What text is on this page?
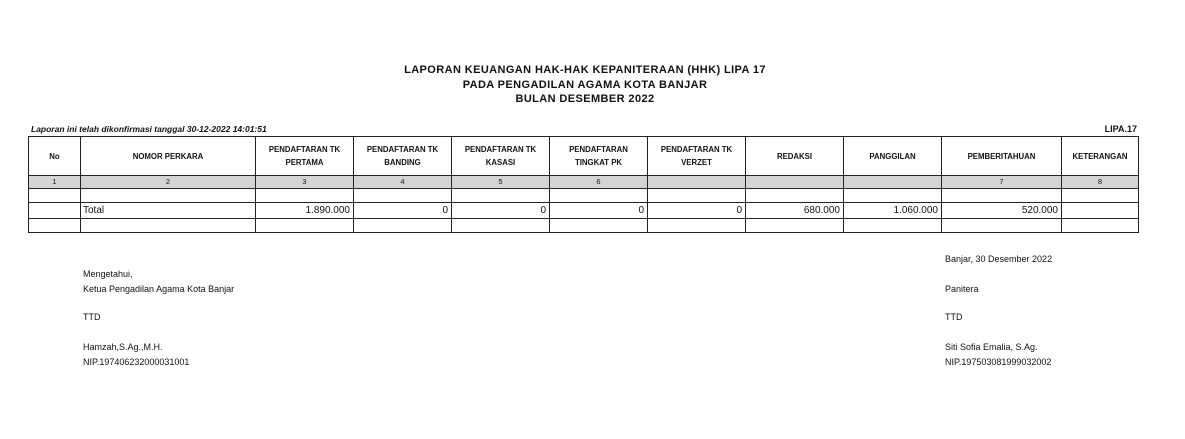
LAPORAN KEUANGAN HAK-HAK KEPANITERAAN (HHK) LIPA 17
PADA PENGADILAN AGAMA KOTA BANJAR
BULAN DESEMBER 2022
Laporan ini telah dikonfirmasi tanggal 30-12-2022 14:01:51	LIPA.17
No	NOMOR PERKARA	PENDAFTARAN TK PERTAMA	PENDAFTARAN TK BANDING	PENDAFTARAN TK KASASI	PENDAFTARAN TINGKAT PK	PENDAFTARAN TK VERZET	REDAKSI	PANGGILAN	PEMBERITAHUAN	KETERANGAN
1	2	3	4	5	6				7	8

	Total	1.890.000	0	0	0	0	680.000	1.060.000	520.000	

Mengetahui,
Ketua Pengadilan Agama Kota Banjar
TTD
Hamzah,S.Ag.,M.H.
NIP.197406232000031001
Banjar, 30 Desember 2022
Panitera
TTD
Siti Sofia Emalia, S.Ag.
NIP.197503081999032002
